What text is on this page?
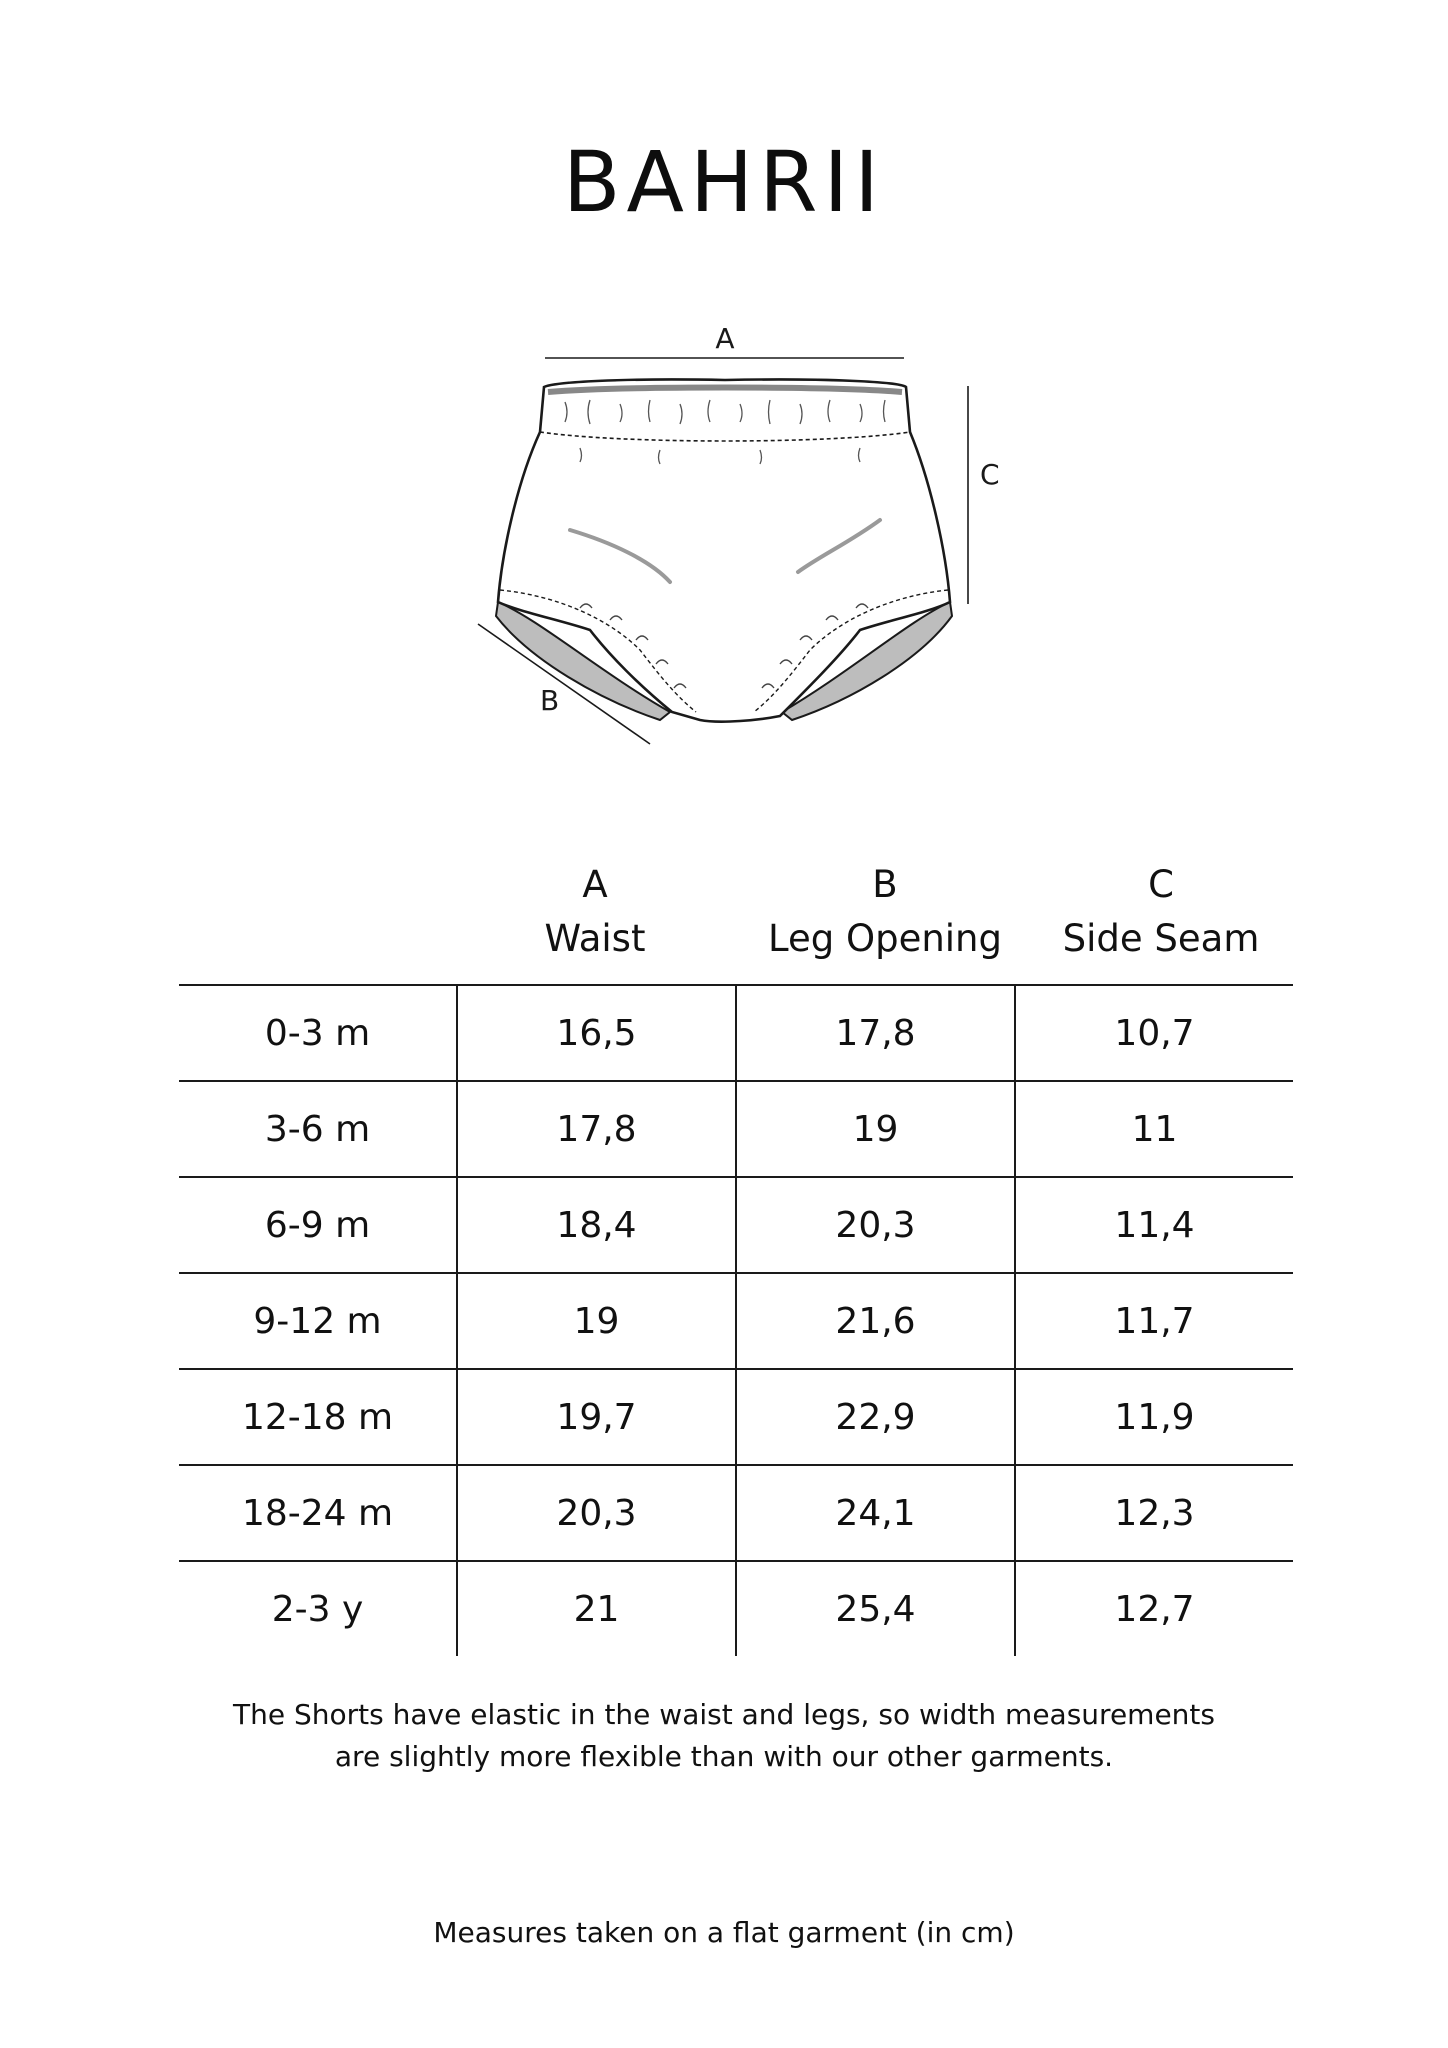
BAHRII
A
C
B
A
Waist
B
Leg Opening
C
Side Seam
0-3 m	16,5	17,8	10,7
3-6 m	17,8	19	11
6-9 m	18,4	20,3	11,4
9-12 m	19	21,6	11,7
12-18 m	19,7	22,9	11,9
18-24 m	20,3	24,1	12,3
2-3 y	21	25,4	12,7
The Shorts have elastic in the waist and legs, so width measurements
are slightly more flexible than with our other garments.
Measures taken on a flat garment (in cm)
